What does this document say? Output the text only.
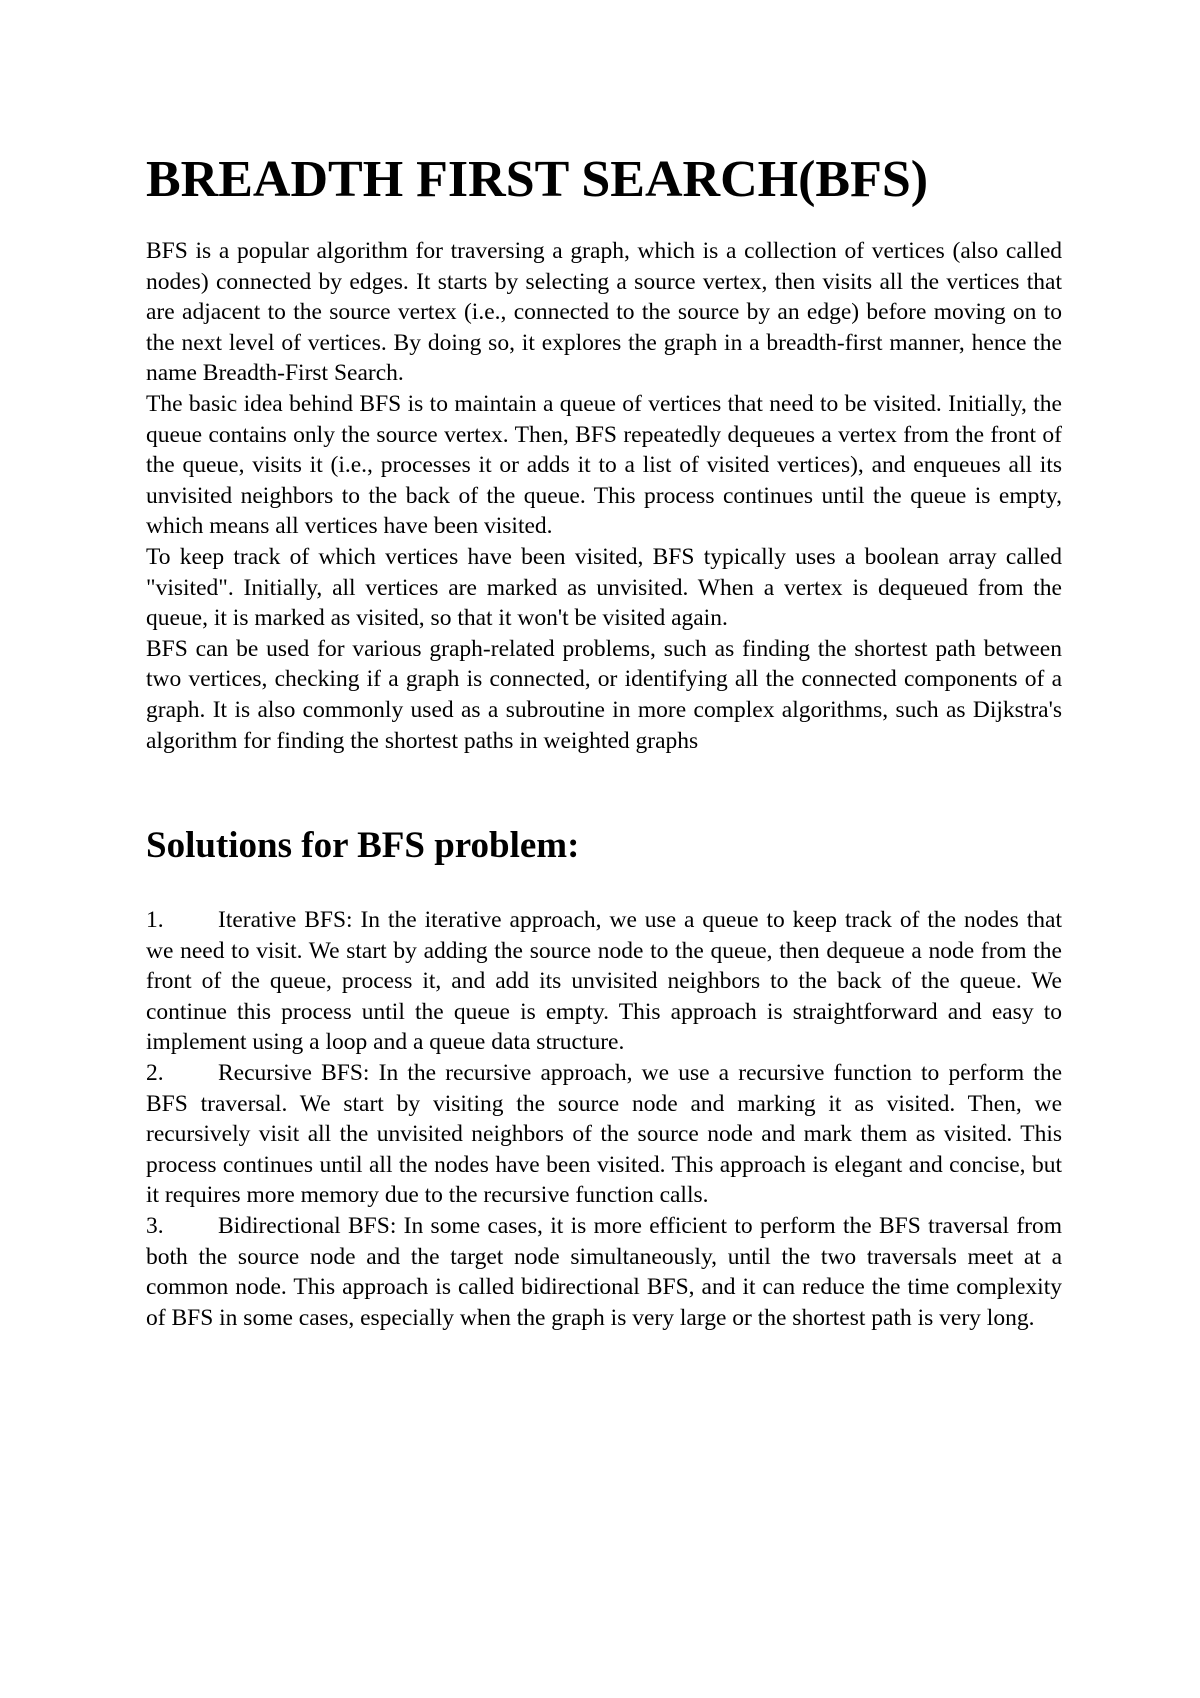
BREADTH FIRST SEARCH(BFS)

BFS is a popular algorithm for traversing a graph, which is a collection of vertices (also called nodes) connected by edges. It starts by selecting a source vertex, then visits all the vertices that are adjacent to the source vertex (i.e., connected to the source by an edge) before moving on to the next level of vertices. By doing so, it explores the graph in a breadth-first manner, hence the name Breadth-First Search.

The basic idea behind BFS is to maintain a queue of vertices that need to be visited. Initially, the queue contains only the source vertex. Then, BFS repeatedly dequeues a vertex from the front of the queue, visits it (i.e., processes it or adds it to a list of visited vertices), and enqueues all its unvisited neighbors to the back of the queue. This process continues until the queue is empty, which means all vertices have been visited.

To keep track of which vertices have been visited, BFS typically uses a boolean array called "visited". Initially, all vertices are marked as unvisited. When a vertex is dequeued from the queue, it is marked as visited, so that it won't be visited again.

BFS can be used for various graph-related problems, such as finding the shortest path between two vertices, checking if a graph is connected, or identifying all the connected components of a graph. It is also commonly used as a subroutine in more complex algorithms, such as Dijkstra's algorithm for finding the shortest paths in weighted graphs

Solutions for BFS problem:

1. Iterative BFS: In the iterative approach, we use a queue to keep track of the nodes that we need to visit. We start by adding the source node to the queue, then dequeue a node from the front of the queue, process it, and add its unvisited neighbors to the back of the queue. We continue this process until the queue is empty. This approach is straightforward and easy to implement using a loop and a queue data structure.

2. Recursive BFS: In the recursive approach, we use a recursive function to perform the BFS traversal. We start by visiting the source node and marking it as visited. Then, we recursively visit all the unvisited neighbors of the source node and mark them as visited. This process continues until all the nodes have been visited. This approach is elegant and concise, but it requires more memory due to the recursive function calls.

3. Bidirectional BFS: In some cases, it is more efficient to perform the BFS traversal from both the source node and the target node simultaneously, until the two traversals meet at a common node. This approach is called bidirectional BFS, and it can reduce the time complexity of BFS in some cases, especially when the graph is very large or the shortest path is very long.
